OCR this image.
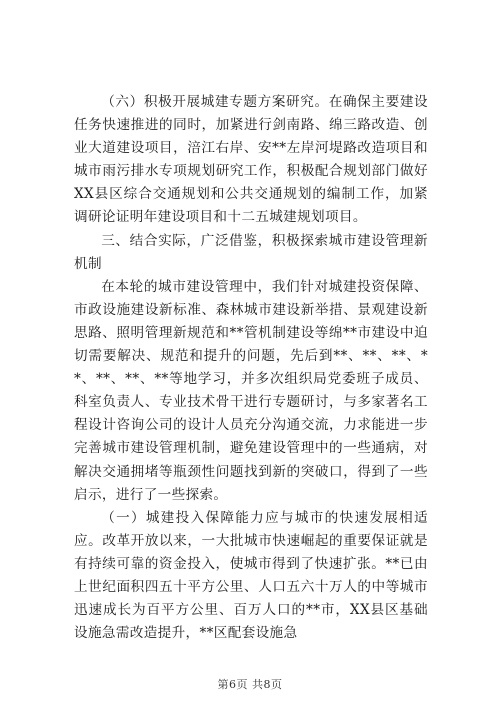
（六）积极开展城建专题方案研究。在确保主要建设任务快速推进的同时，加紧进行剑南路、绵三路改造、创业大道建设项目，涪江右岸、安**左岸河堤路改造项目和城市雨污排水专项规划研究工作，积极配合规划部门做好XX县区综合交通规划和公共交通规划的编制工作，加紧调研论证明年建设项目和十二五城建规划项目。

三、结合实际，广泛借鉴，积极探索城市建设管理新机制

在本轮的城市建设管理中，我们针对城建投资保障、市政设施建设新标准、森林城市建设新举措、景观建设新思路、照明管理新规范和**管机制建设等绵**市建设中迫切需要解决、规范和提升的问题，先后到**、**、**、**、**、**、**等地学习，并多次组织局党委班子成员、科室负责人、专业技术骨干进行专题研讨，与多家著名工程设计咨询公司的设计人员充分沟通交流，力求能进一步完善城市建设管理机制，避免建设管理中的一些通病，对解决交通拥堵等瓶颈性问题找到新的突破口，得到了一些启示，进行了一些探索。

（一）城建投入保障能力应与城市的快速发展相适应。改革开放以来，一大批城市快速崛起的重要保证就是有持续可靠的资金投入，使城市得到了快速扩张。**已由上世纪面积四五十平方公里、人口五六十万人的中等城市迅速成长为百平方公里、百万人口的**市，XX县区基础设施急需改造提升，**区配套设施急

第6页 共8页
